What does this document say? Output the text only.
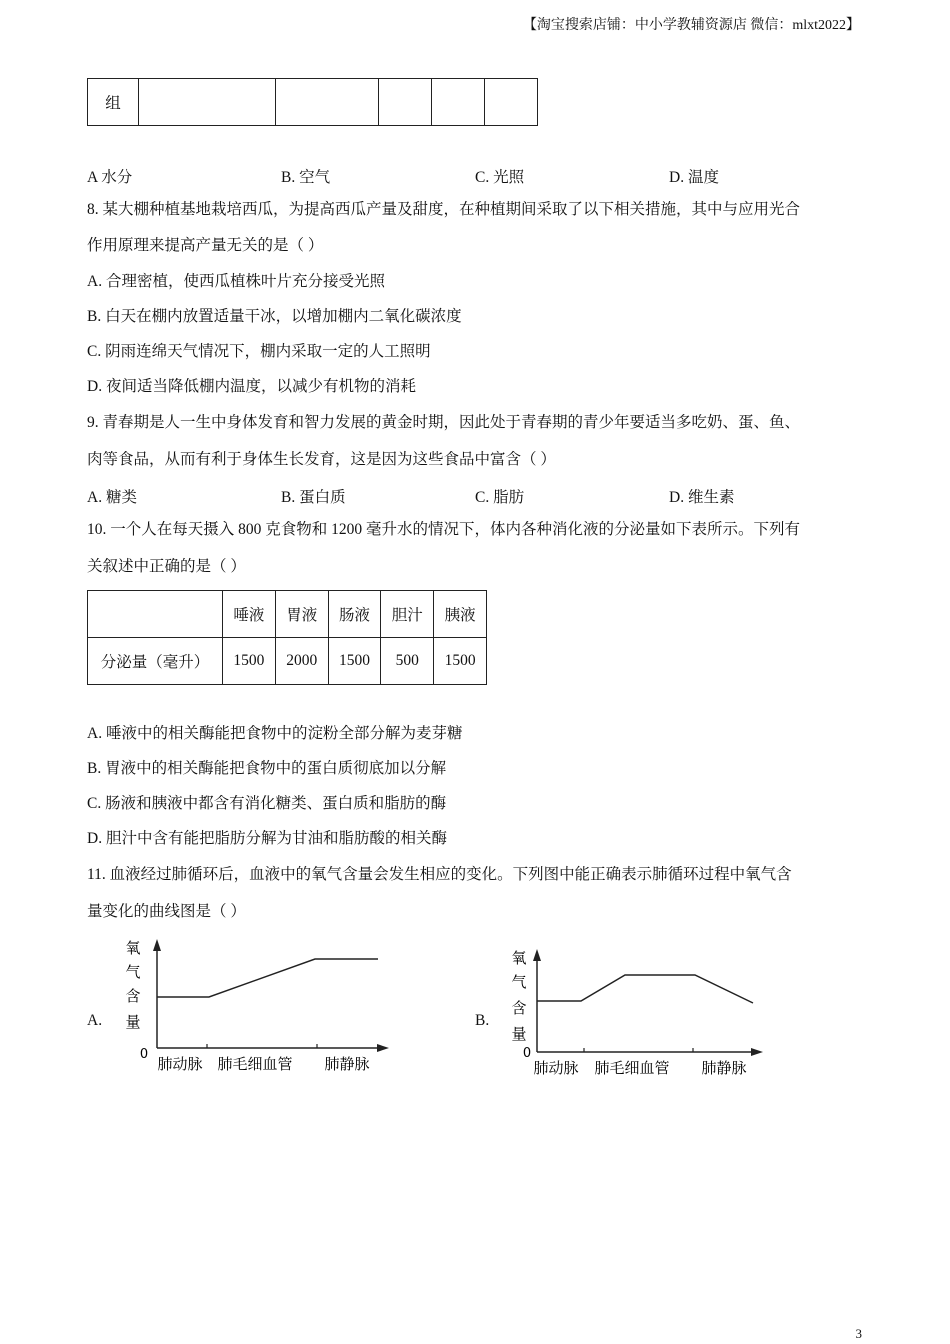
【淘宝搜索店铺：中小学教辅资源店 微信：mlxt2022】
组					
A 水分	B. 空气	C. 光照	D. 温度
8. 某大棚种植基地栽培西瓜，为提高西瓜产量及甜度，在种植期间采取了以下相关措施，其中与应用光合
作用原理来提高产量无关的是（ ）
A. 合理密植，使西瓜植株叶片充分接受光照
B. 白天在棚内放置适量干冰，以增加棚内二氧化碳浓度
C. 阴雨连绵天气情况下，棚内采取一定的人工照明
D. 夜间适当降低棚内温度，以减少有机物的消耗
9. 青春期是人一生中身体发育和智力发展的黄金时期，因此处于青春期的青少年要适当多吃奶、蛋、鱼、
肉等食品，从而有利于身体生长发育，这是因为这些食品中富含（ ）
A. 糖类	B. 蛋白质	C. 脂肪	D. 维生素
10. 一个人在每天摄入 800 克食物和 1200 毫升水的情况下，体内各种消化液的分泌量如下表所示。下列有
关叙述中正确的是（ ）
	唾液	胃液	肠液	胆汁	胰液
分泌量（毫升）	1500	2000	1500	500	1500
A. 唾液中的相关酶能把食物中的淀粉全部分解为麦芽糖
B. 胃液中的相关酶能把食物中的蛋白质彻底加以分解
C. 肠液和胰液中都含有消化糖类、蛋白质和脂肪的酶
D. 胆汁中含有能把脂肪分解为甘油和脂肪酸的相关酶
11. 血液经过肺循环后，血液中的氧气含量会发生相应的变化。下列图中能正确表示肺循环过程中氧气含
量变化的曲线图是（ ）
A.
氧
气
含
量
0
肺动脉 肺毛细血管 肺静脉
B.
氧
气
含
量
0
肺动脉 肺毛细血管 肺静脉
3
